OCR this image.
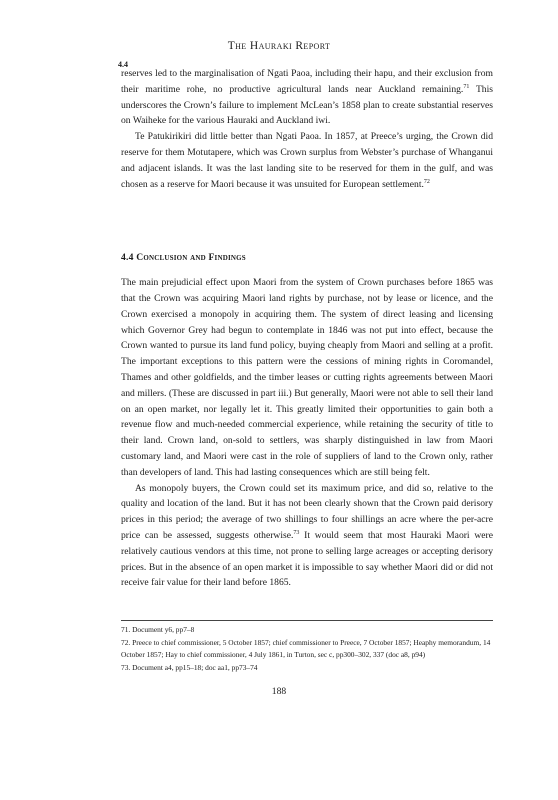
The Hauraki Report
4.4

reserves led to the marginalisation of Ngati Paoa, including their hapu, and their exclusion from their maritime rohe, no productive agricultural lands near Auckland remaining.$^{71}$ This underscores the Crown’s failure to implement McLean’s 1858 plan to create substantial reserves on Waiheke for the various Hauraki and Auckland iwi.

Te Patukirikiri did little better than Ngati Paoa. In 1857, at Preece’s urging, the Crown did reserve for them Motutapere, which was Crown surplus from Webster’s purchase of Whanganui and adjacent islands. It was the last landing site to be reserved for them in the gulf, and was chosen as a reserve for Maori because it was unsuited for European settlement.$^{72}$

4.4 Conclusion and Findings

The main prejudicial effect upon Maori from the system of Crown purchases before 1865 was that the Crown was acquiring Maori land rights by purchase, not by lease or licence, and the Crown exercised a monopoly in acquiring them. The system of direct leasing and licensing which Governor Grey had begun to contemplate in 1846 was not put into effect, because the Crown wanted to pursue its land fund policy, buying cheaply from Maori and selling at a profit. The important exceptions to this pattern were the cessions of mining rights in Coromandel, Thames and other goldfields, and the timber leases or cutting rights agreements between Maori and millers. (These are discussed in part iii.) But generally, Maori were not able to sell their land on an open market, nor legally let it. This greatly limited their opportunities to gain both a revenue flow and much-needed commercial experience, while retaining the security of title to their land. Crown land, on-sold to settlers, was sharply distinguished in law from Maori customary land, and Maori were cast in the role of suppliers of land to the Crown only, rather than developers of land. This had lasting consequences which are still being felt.

As monopoly buyers, the Crown could set its maximum price, and did so, relative to the quality and location of the land. But it has not been clearly shown that the Crown paid derisory prices in this period; the average of two shillings to four shillings an acre where the per-acre price can be assessed, suggests otherwise.$^{73}$ It would seem that most Hauraki Maori were relatively cautious vendors at this time, not prone to selling large acreages or accepting derisory prices. But in the absence of an open market it is impossible to say whether Maori did or did not receive fair value for their land before 1865.

71. Document y6, pp7–8

72. Preece to chief commissioner, 5 October 1857; chief commissioner to Preece, 7 October 1857; Heaphy memorandum, 14 October 1857; Hay to chief commissioner, 4 July 1861, in Turton, sec c, pp300–302, 337 (doc a8, p94)

73. Document a4, pp15–18; doc aa1, pp73–74

188
